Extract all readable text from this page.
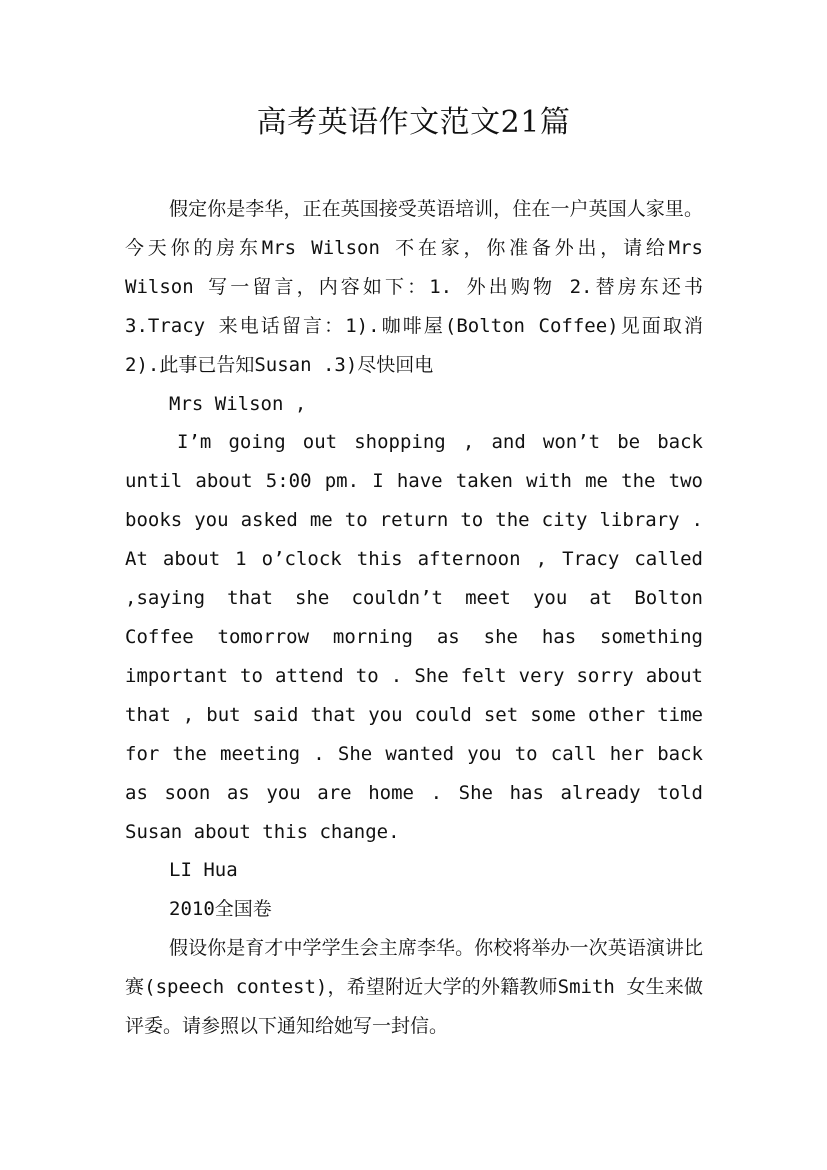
高考英语作文范文21篇

假定你是李华，正在英国接受英语培训，住在一户英国人家里。今天你的房东Mrs Wilson 不在家，你准备外出，请给Mrs Wilson 写一留言，内容如下：1. 外出购物 2.替房东还书 3.Tracy 来电话留言：1).咖啡屋(Bolton Coffee)见面取消 2).此事已告知Susan .3)尽快回电

Mrs Wilson ,

I’m going out shopping , and won’t be back until about 5:00 pm. I have taken with me the two books you asked me to return to the city library . At about 1 o’clock this afternoon , Tracy called ,saying that she couldn’t meet you at Bolton Coffee tomorrow morning as she has something important to attend to . She felt very sorry about that , but said that you could set some other time for the meeting . She wanted you to call her back as soon as you are home . She has already told Susan about this change.

LI Hua

2010全国卷

假设你是育才中学学生会主席李华。你校将举办一次英语演讲比赛(speech contest)，希望附近大学的外籍教师Smith 女生来做评委。请参照以下通知给她写一封信。
